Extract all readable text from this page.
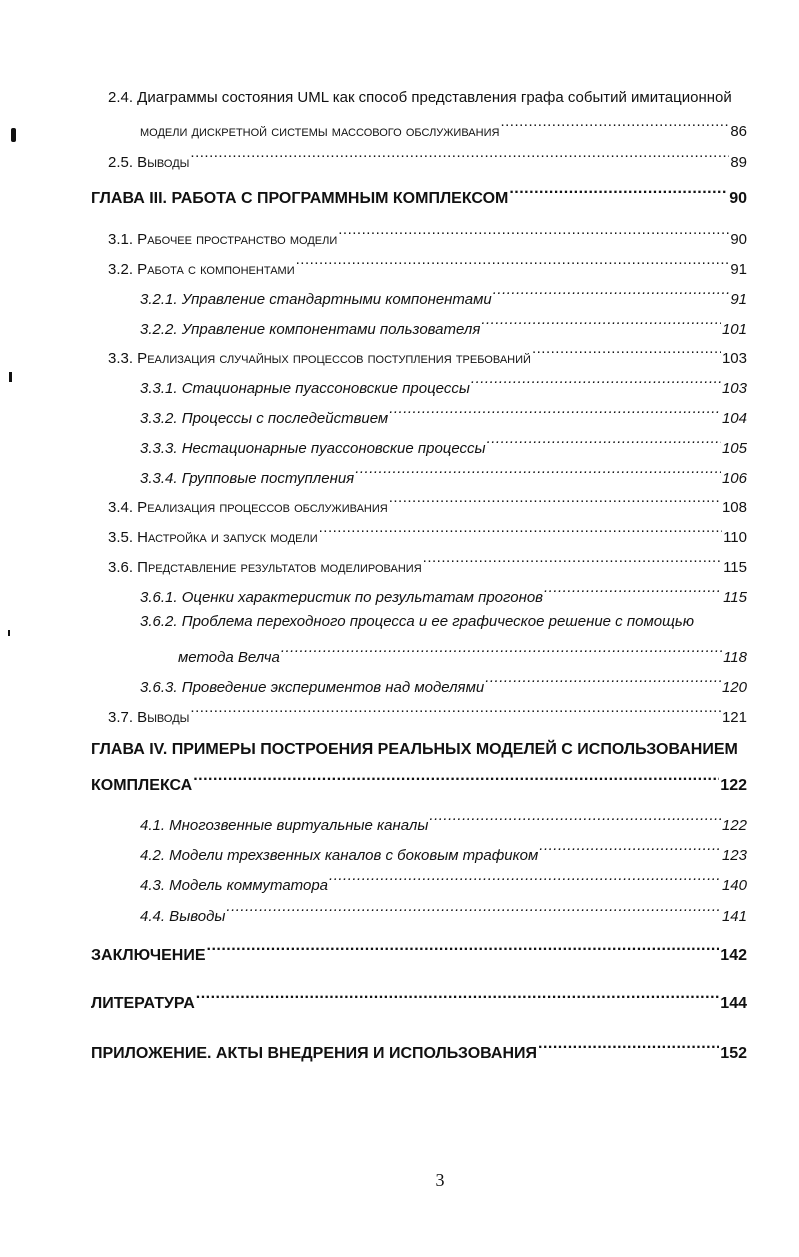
2.4. Диаграммы состояния UML как способ представления графа событий имитационной
модели дискретной системы массового обслуживания .....	86
2.5. Выводы .....	89
ГЛАВА III. РАБОТА С ПРОГРАММНЫМ КОМПЛЕКСОМ .....	90
3.1. Рабочее пространство модели .....	90
3.2. Работа с компонентами .....	91
3.2.1. Управление стандартными компонентами .....	91
3.2.2. Управление компонентами пользователя .....	101
3.3. Реализация случайных процессов поступления требований .....	103
3.3.1. Стационарные пуассоновские процессы .....	103
3.3.2. Процессы с последействием .....	104
3.3.3. Нестационарные пуассоновские процессы .....	105
3.3.4. Групповые поступления .....	106
3.4. Реализация процессов обслуживания .....	108
3.5. Настройка и запуск модели .....	110
3.6. Представление результатов моделирования .....	115
3.6.1. Оценки характеристик по результатам прогонов .....	115
3.6.2. Проблема переходного процесса и ее графическое решение с помощью
метода Велча .....	118
3.6.3. Проведение экспериментов над моделями .....	120
3.7. Выводы .....	121
ГЛАВА IV. ПРИМЕРЫ ПОСТРОЕНИЯ РЕАЛЬНЫХ МОДЕЛЕЙ С ИСПОЛЬЗОВАНИЕМ
КОМПЛЕКСА .....	122
4.1. Многозвенные виртуальные каналы .....	122
4.2. Модели трехзвенных каналов с боковым трафиком .....	123
4.3. Модель коммутатора .....	140
4.4. Выводы .....	141
ЗАКЛЮЧЕНИЕ .....	142
ЛИТЕРАТУРА .....	144
ПРИЛОЖЕНИЕ. АКТЫ ВНЕДРЕНИЯ И ИСПОЛЬЗОВАНИЯ .....	152
3
